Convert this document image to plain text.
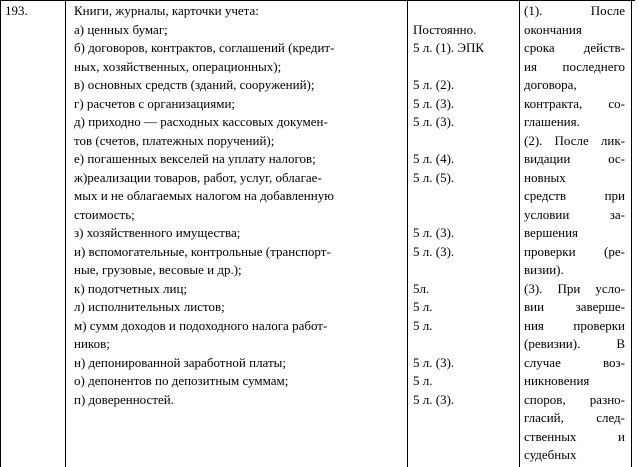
193.	Книги, журналы, карточки учета:
а) ценных бумаг;
б) договоров, контрактов, соглашений (кредит-
ных, хозяйственных, операционных);
в) основных средств (зданий, сооружений);
г) расчетов с организациями;
д) приходно — расходных кассовых докумен-
тов (счетов, платежных поручений);
е) погашенных векселей на уплату налогов;
ж)реализации товаров, работ, услуг, облагае-
мых и не облагаемых налогом на добавленную
стоимость;
з) хозяйственного имущества;
и) вспомогательные, контрольные (транспорт-
ные, грузовые, весовые и др.);
к) подотчетных лиц;
л) исполнительных листов;
м) сумм доходов и подоходного налога работ-
ников;
н) депонированной заработной платы;
о) депонентов по депозитным суммам;
п) доверенностей.
Постоянно.
5 л. (1). ЭПК
5 л. (2).
5 л. (3).
5 л. (3).
5 л. (4).
5 л. (5).
5 л. (3).
5 л. (3).
5л.
5 л.
5 л.
5 л. (3).
5 л.
5 л. (3).
(1). После
окончания
срока действ-
ия последнего
договора,
контракта, со-
глашения.
(2). После лик-
видации ос-
новных
средств при
условии за-
вершения
проверки (ре-
визии).
(3). При усло-
вии заверше-
ния проверки
(ревизии). В
случае воз-
никновения
споров, разно-
гласий, след-
ственных и
судебных
